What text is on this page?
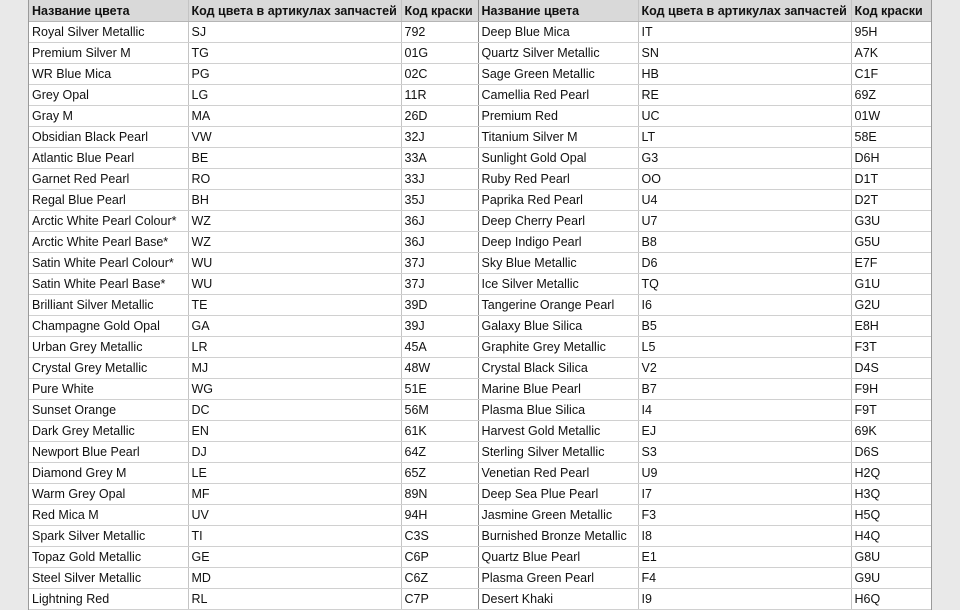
Название цвета	Код цвета в артикулах запчастей	Код краски	Название цвета	Код цвета в артикулах запчастей	Код краски
Royal Silver Metallic	SJ	792	Deep Blue Mica	IT	95H
Premium Silver M	TG	01G	Quartz Silver Metallic	SN	A7K
WR Blue Mica	PG	02C	Sage Green Metallic	HB	C1F
Grey Opal	LG	11R	Camellia Red Pearl	RE	69Z
Gray M	MA	26D	Premium Red	UC	01W
Obsidian Black Pearl	VW	32J	Titanium Silver M	LT	58E
Atlantic Blue Pearl	BE	33A	Sunlight Gold Opal	G3	D6H
Garnet Red Pearl	RO	33J	Ruby Red Pearl	OO	D1T
Regal Blue Pearl	BH	35J	Paprika Red Pearl	U4	D2T
Arctic White Pearl Colour*	WZ	36J	Deep Cherry Pearl	U7	G3U
Arctic White Pearl Base*	WZ	36J	Deep Indigo Pearl	B8	G5U
Satin White Pearl Colour*	WU	37J	Sky Blue Metallic	D6	E7F
Satin White Pearl Base*	WU	37J	Ice Silver Metallic	TQ	G1U
Brilliant Silver Metallic	TE	39D	Tangerine Orange Pearl	I6	G2U
Champagne Gold Opal	GA	39J	Galaxy Blue Silica	B5	E8H
Urban Grey Metallic	LR	45A	Graphite Grey Metallic	L5	F3T
Crystal Grey Metallic	MJ	48W	Crystal Black Silica	V2	D4S
Pure White	WG	51E	Marine Blue Pearl	B7	F9H
Sunset Orange	DC	56M	Plasma Blue Silica	I4	F9T
Dark Grey Metallic	EN	61K	Harvest Gold Metallic	EJ	69K
Newport Blue Pearl	DJ	64Z	Sterling Silver Metallic	S3	D6S
Diamond Grey M	LE	65Z	Venetian Red Pearl	U9	H2Q
Warm Grey Opal	MF	89N	Deep Sea Plue Pearl	I7	H3Q
Red Mica M	UV	94H	Jasmine Green Metallic	F3	H5Q
Spark Silver Metallic	TI	C3S	Burnished Bronze Metallic	I8	H4Q
Topaz Gold Metallic	GE	C6P	Quartz Blue Pearl	E1	G8U
Steel Silver Metallic	MD	C6Z	Plasma Green Pearl	F4	G9U
Lightning Red	RL	C7P	Desert Khaki	I9	H6Q
